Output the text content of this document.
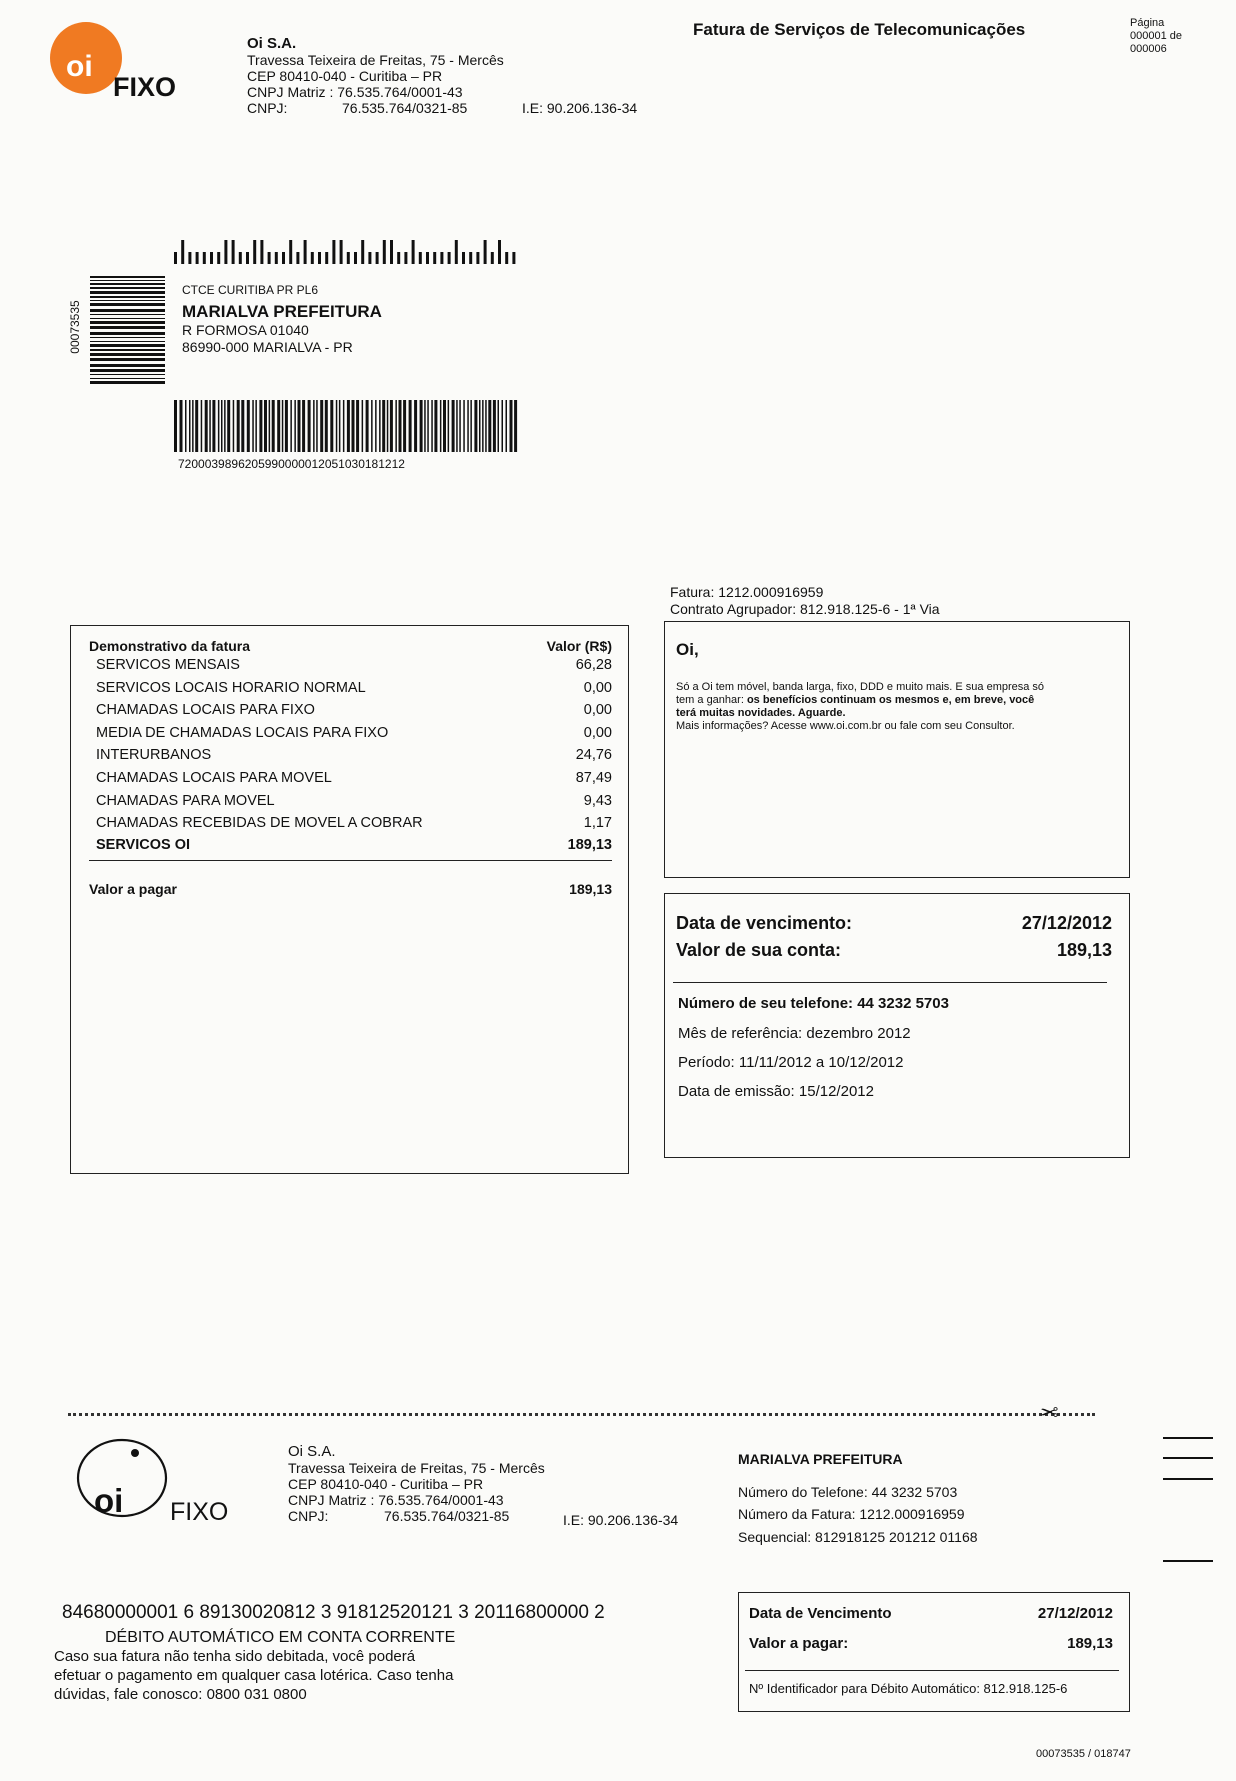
oi
FIXO
Oi S.A.
Travessa Teixeira de Freitas, 75 - Mercês
CEP 80410-040 - Curitiba – PR
CNPJ Matriz : 76.535.764/0001-43
CNPJ:	76.535.764/0321-85	I.E: 90.206.136-34
Fatura de Serviços de Telecomunicações	Página
000001 de
000006
00073535
CTCE CURITIBA PR PL6
MARIALVA PREFEITURA
R FORMOSA 01040
86990-000 MARIALVA - PR
7200039896205990000012051030181212
Fatura: 1212.000916959
Contrato Agrupador: 812.918.125-6 - 1ª Via
Demonstrativo da fatura	Valor (R$)
SERVICOS MENSAIS	66,28
SERVICOS LOCAIS HORARIO NORMAL	0,00
CHAMADAS LOCAIS PARA FIXO	0,00
MEDIA DE CHAMADAS LOCAIS PARA FIXO	0,00
INTERURBANOS	24,76
CHAMADAS LOCAIS PARA MOVEL	87,49
CHAMADAS PARA MOVEL	9,43
CHAMADAS RECEBIDAS DE MOVEL A COBRAR	1,17
SERVICOS OI	189,13
Valor a pagar	189,13
Oi,
Só a Oi tem móvel, banda larga, fixo, DDD e muito mais. E sua empresa só
tem a ganhar: os benefícios continuam os mesmos e, em breve, você
terá muitas novidades. Aguarde.
Mais informações? Acesse www.oi.com.br ou fale com seu Consultor.
Data de vencimento:	27/12/2012
Valor de sua conta:	189,13
Número de seu telefone: 44 3232 5703
Mês de referência: dezembro 2012
Período: 11/11/2012 a 10/12/2012
Data de emissão: 15/12/2012
✂
oi FIXO
Oi S.A.
Travessa Teixeira de Freitas, 75 - Mercês
CEP 80410-040 - Curitiba – PR
CNPJ Matriz : 76.535.764/0001-43
CNPJ:	76.535.764/0321-85	I.E: 90.206.136-34
MARIALVA PREFEITURA
Número do Telefone: 44 3232 5703
Número da Fatura: 1212.000916959
Sequencial: 812918125 201212 01168
84680000001 6 89130020812 3 91812520121 3 20116800000 2
DÉBITO AUTOMÁTICO EM CONTA CORRENTE
Caso sua fatura não tenha sido debitada, você poderá
efetuar o pagamento em qualquer casa lotérica. Caso tenha
dúvidas, fale conosco: 0800 031 0800
Data de Vencimento	27/12/2012
Valor a pagar:	189,13
Nº Identificador para Débito Automático: 812.918.125-6
00073535 / 018747
